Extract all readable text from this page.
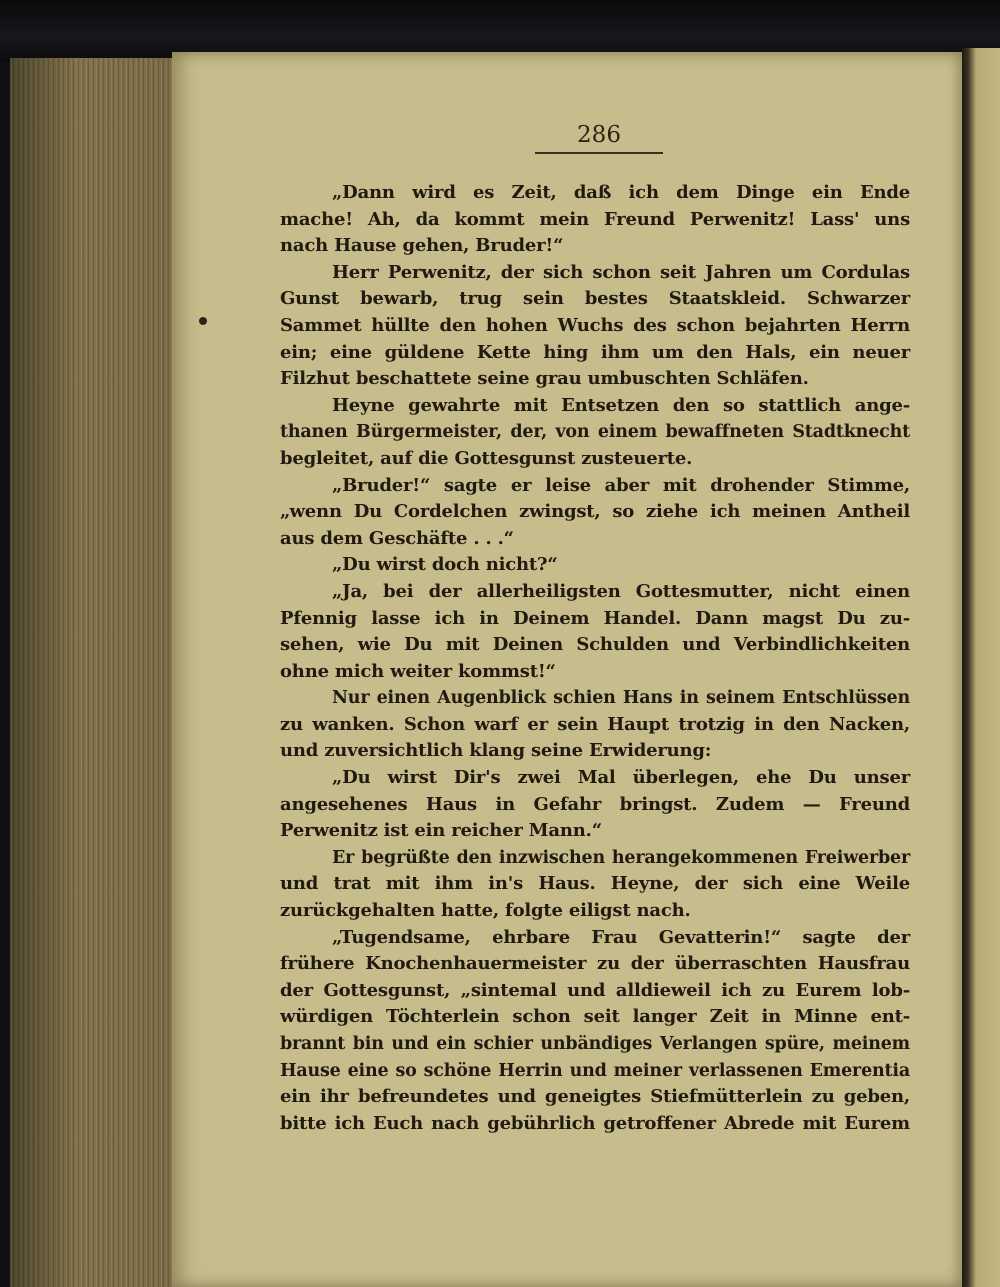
286
„Dann wird es Zeit, daß ich dem Dinge ein Ende
mache! Ah, da kommt mein Freund Perwenitz! Lass' uns
nach Hause gehen, Bruder!“
Herr Perwenitz, der sich schon seit Jahren um Cordulas
Gunst bewarb, trug sein bestes Staatskleid. Schwarzer
Sammet hüllte den hohen Wuchs des schon bejahrten Herrn
ein; eine güldene Kette hing ihm um den Hals, ein neuer
Filzhut beschattete seine grau umbuschten Schläfen.
Heyne gewahrte mit Entsetzen den so stattlich ange-
thanen Bürgermeister, der, von einem bewaffneten Stadtknecht
begleitet, auf die Gottesgunst zusteuerte.
„Bruder!“ sagte er leise aber mit drohender Stimme,
„wenn Du Cordelchen zwingst, so ziehe ich meinen Antheil
aus dem Geschäfte . . .“
„Du wirst doch nicht?“
„Ja, bei der allerheiligsten Gottesmutter, nicht einen
Pfennig lasse ich in Deinem Handel. Dann magst Du zu-
sehen, wie Du mit Deinen Schulden und Verbindlichkeiten
ohne mich weiter kommst!“
Nur einen Augenblick schien Hans in seinem Entschlüssen
zu wanken. Schon warf er sein Haupt trotzig in den Nacken,
und zuversichtlich klang seine Erwiderung:
„Du wirst Dir's zwei Mal überlegen, ehe Du unser
angesehenes Haus in Gefahr bringst. Zudem — Freund
Perwenitz ist ein reicher Mann.“
Er begrüßte den inzwischen herangekommenen Freiwerber
und trat mit ihm in's Haus. Heyne, der sich eine Weile
zurückgehalten hatte, folgte eiligst nach.
„Tugendsame, ehrbare Frau Gevatterin!“ sagte der
frühere Knochenhauermeister zu der überraschten Hausfrau
der Gottesgunst, „sintemal und alldieweil ich zu Eurem lob-
würdigen Töchterlein schon seit langer Zeit in Minne ent-
brannt bin und ein schier unbändiges Verlangen spüre, meinem
Hause eine so schöne Herrin und meiner verlassenen Emerentia
ein ihr befreundetes und geneigtes Stiefmütterlein zu geben,
bitte ich Euch nach gebührlich getroffener Abrede mit Eurem
